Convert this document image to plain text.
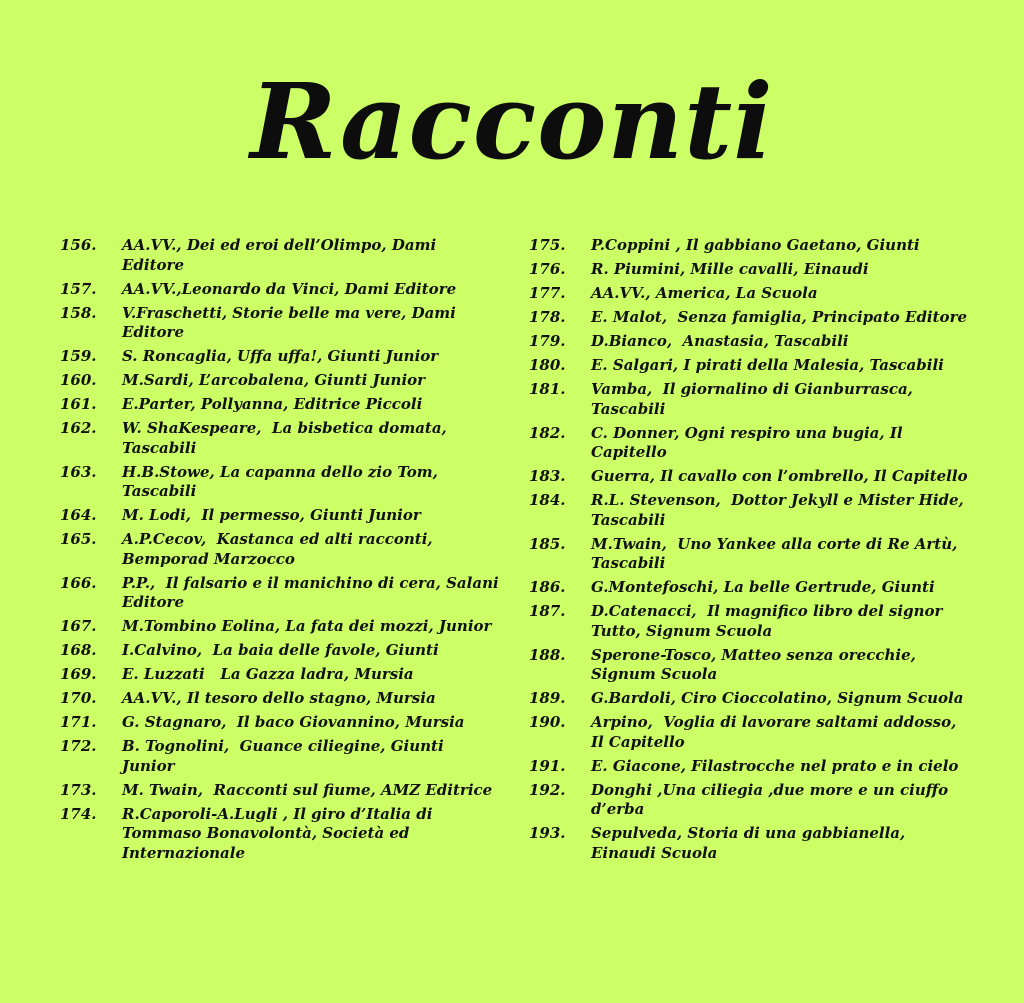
Racconti
156.	AA.VV., Dei ed eroi dell’Olimpo, Dami Editore
157.	AA.VV.,Leonardo da Vinci, Dami Editore
158.	V.Fraschetti, Storie belle ma vere, Dami Editore
159.	S. Roncaglia, Uffa uffa!, Giunti Junior
160.	M.Sardi, L’arcobalena, Giunti Junior
161.	E.Parter, Pollyanna, Editrice Piccoli
162.	W. ShaKespeare,  La bisbetica domata, Tascabili
163.	H.B.Stowe, La capanna dello zio Tom, Tascabili
164.	M. Lodi,  Il permesso, Giunti Junior
165.	A.P.Cecov,  Kastanca ed alti racconti, Bemporad Marzocco
166.	P.P.,  Il falsario e il manichino di cera, Salani Editore
167.	M.Tombino Eolina, La fata dei mozzi, Junior
168.	I.Calvino,  La baia delle favole, Giunti
169.	E. Luzzati   La Gazza ladra, Mursia
170.	AA.VV., Il tesoro dello stagno, Mursia
171.	G. Stagnaro,  Il baco Giovannino, Mursia
172.	B. Tognolini,  Guance ciliegine, Giunti Junior
173.	M. Twain,  Racconti sul fiume, AMZ Editrice
174.	R.Caporoli-A.Lugli , Il giro d’Italia di Tommaso Bonavolontà, Società ed Internazionale
175.	P.Coppini , Il gabbiano Gaetano, Giunti
176.	R. Piumini, Mille cavalli, Einaudi
177.	AA.VV., America, La Scuola
178.	E. Malot,  Senza famiglia, Principato Editore
179.	D.Bianco,  Anastasia, Tascabili
180.	E. Salgari, I pirati della Malesia, Tascabili
181.	Vamba,  Il giornalino di Gianburrasca, Tascabili
182.	C. Donner, Ogni respiro una bugia, Il Capitello
183.	Guerra, Il cavallo con l’ombrello, Il Capitello
184.	R.L. Stevenson,  Dottor Jekyll e Mister Hide, Tascabili
185.	M.Twain,  Uno Yankee alla corte di Re Artù, Tascabili
186.	G.Montefoschi, La belle Gertrude, Giunti
187.	D.Catenacci,  Il magnifico libro del signor Tutto, Signum Scuola
188.	Sperone-Tosco, Matteo senza orecchie, Signum Scuola
189.	G.Bardoli, Ciro Cioccolatino, Signum Scuola
190.	Arpino,  Voglia di lavorare saltami addosso, Il Capitello
191.	E. Giacone, Filastrocche nel prato e in cielo
192.	Donghi ,Una ciliegia ,due more e un ciuffo d’erba
193.	Sepulveda, Storia di una gabbianella, Einaudi Scuola
